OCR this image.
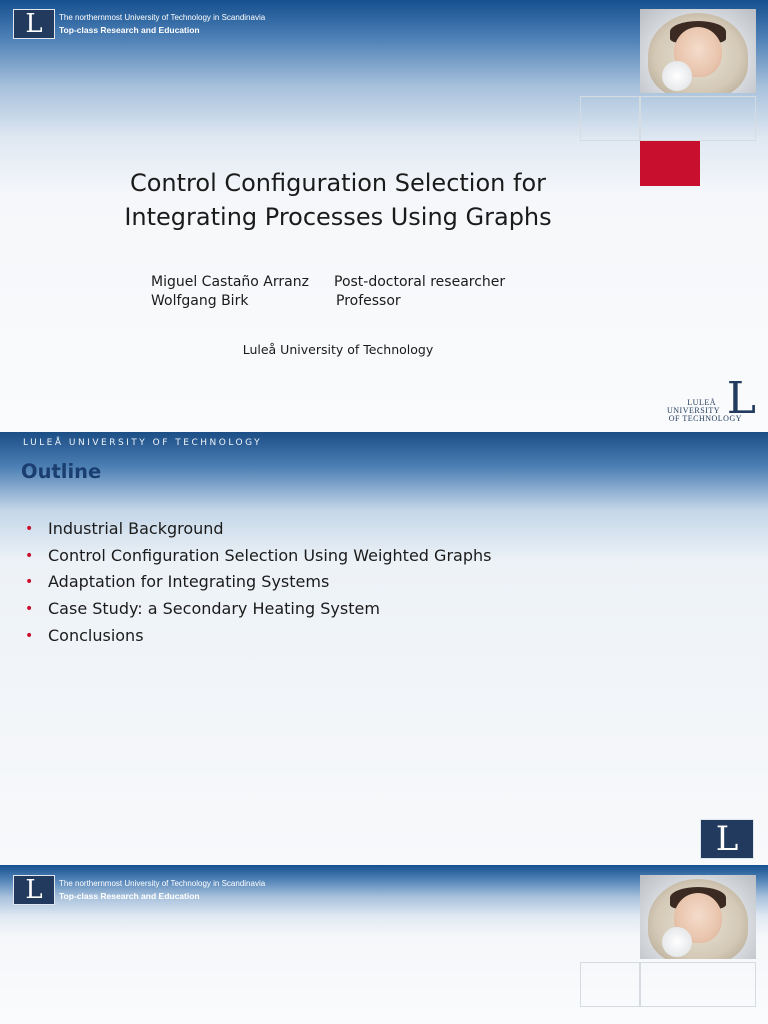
L	The northernmost University of Technology in Scandinavia
Top-class Research and Education
Control Configuration Selection for
Integrating Processes Using Graphs
Miguel Castaño Arranz Post-doctoral researcher
Wolfgang Birk	Professor
Luleå University of Technology
L
LULEÅ
UNIVERSITY
OF TECHNOLOGY
LULEÅ UNIVERSITY OF TECHNOLOGY
Outline
• Industrial Background
• Control Configuration Selection Using Weighted Graphs
• Adaptation for Integrating Systems
• Case Study: a Secondary Heating System
• Conclusions
L
L	The northernmost University of Technology in Scandinavia
Top-class Research and Education
